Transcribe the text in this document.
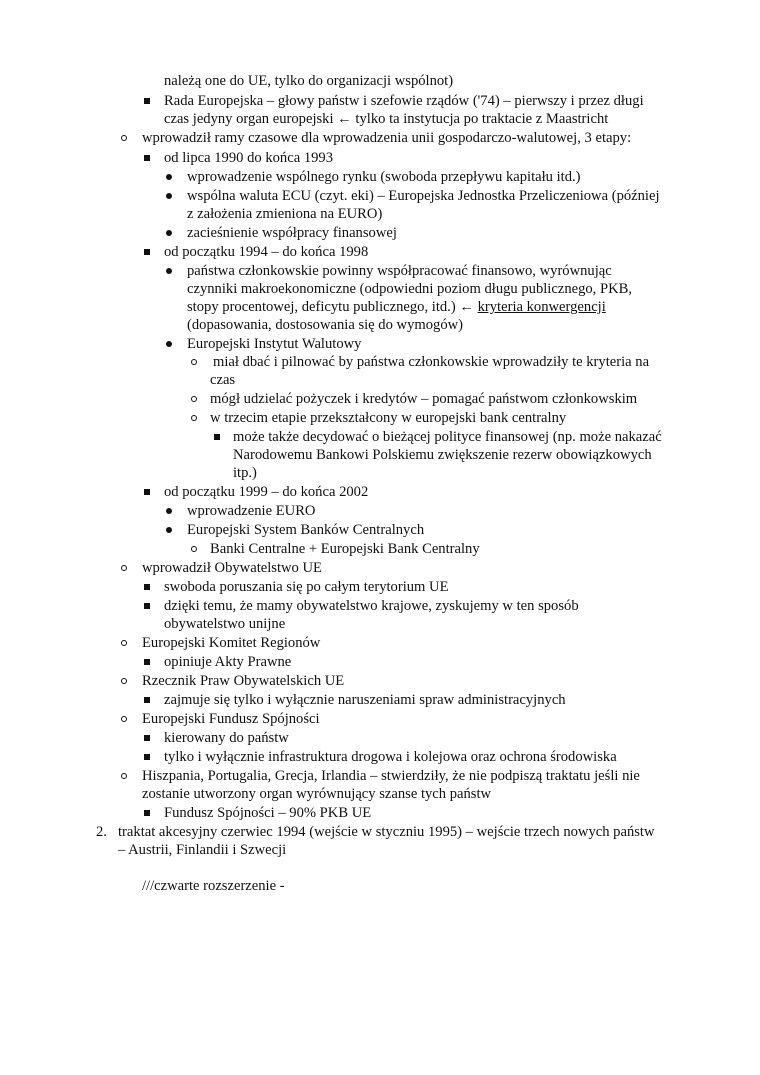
należą one do UE, tylko do organizacji wspólnot)
Rada Europejska – głowy państw i szefowie rządów ('74) – pierwszy i przez długi
czas jedyny organ europejski ← tylko ta instytucja po traktacie z Maastricht
wprowadził ramy czasowe dla wprowadzenia unii gospodarczo-walutowej, 3 etapy:
od lipca 1990 do końca 1993
wprowadzenie wspólnego rynku (swoboda przepływu kapitału itd.)
wspólna waluta ECU (czyt. eki) – Europejska Jednostka Przeliczeniowa (później
z założenia zmieniona na EURO)
zacieśnienie współpracy finansowej
od początku 1994 – do końca 1998
państwa członkowskie powinny współpracować finansowo, wyrównując
czynniki makroekonomiczne (odpowiedni poziom długu publicznego, PKB,
stopy procentowej, deficytu publicznego, itd.) ← kryteria konwergencji
(dopasowania, dostosowania się do wymogów)
Europejski Instytut Walutowy
miał dbać i pilnować by państwa członkowskie wprowadziły te kryteria na
czas
mógł udzielać pożyczek i kredytów – pomagać państwom członkowskim
w trzecim etapie przekształcony w europejski bank centralny
może także decydować o bieżącej polityce finansowej (np. może nakazać
Narodowemu Bankowi Polskiemu zwiększenie rezerw obowiązkowych
itp.)
od początku 1999 – do końca 2002
wprowadzenie EURO
Europejski System Banków Centralnych
Banki Centralne + Europejski Bank Centralny
wprowadził Obywatelstwo UE
swoboda poruszania się po całym terytorium UE
dzięki temu, że mamy obywatelstwo krajowe, zyskujemy w ten sposób
obywatelstwo unijne
Europejski Komitet Regionów
opiniuje Akty Prawne
Rzecznik Praw Obywatelskich UE
zajmuje się tylko i wyłącznie naruszeniami spraw administracyjnych
Europejski Fundusz Spójności
kierowany do państw
tylko i wyłącznie infrastruktura drogowa i kolejowa oraz ochrona środowiska
Hiszpania, Portugalia, Grecja, Irlandia – stwierdziły, że nie podpiszą traktatu jeśli nie
zostanie utworzony organ wyrównujący szanse tych państw
Fundusz Spójności – 90% PKB UE
2. traktat akcesyjny czerwiec 1994 (wejście w styczniu 1995) – wejście trzech nowych państw
– Austrii, Finlandii i Szwecji
///czwarte rozszerzenie -
